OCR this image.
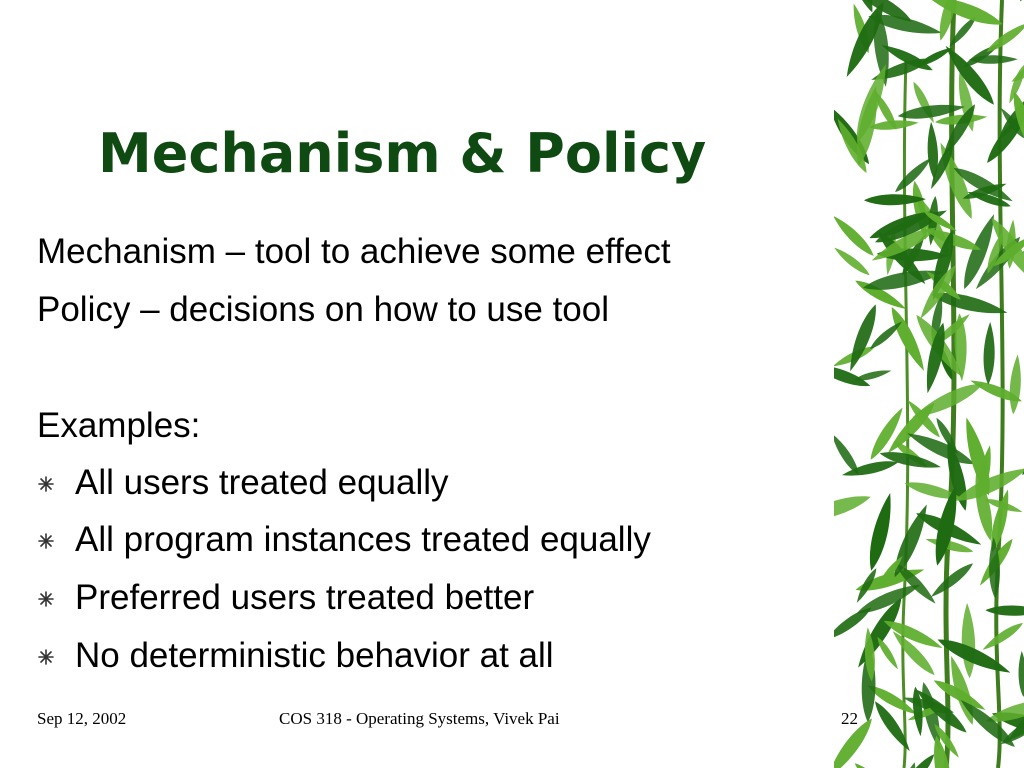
Mechanism & Policy
Mechanism – tool to achieve some effect
Policy – decisions on how to use tool
Examples:
All users treated equally
All program instances treated equally
Preferred users treated better
No deterministic behavior at all
Sep 12, 2002	COS 318 - Operating Systems, Vivek Pai	22
